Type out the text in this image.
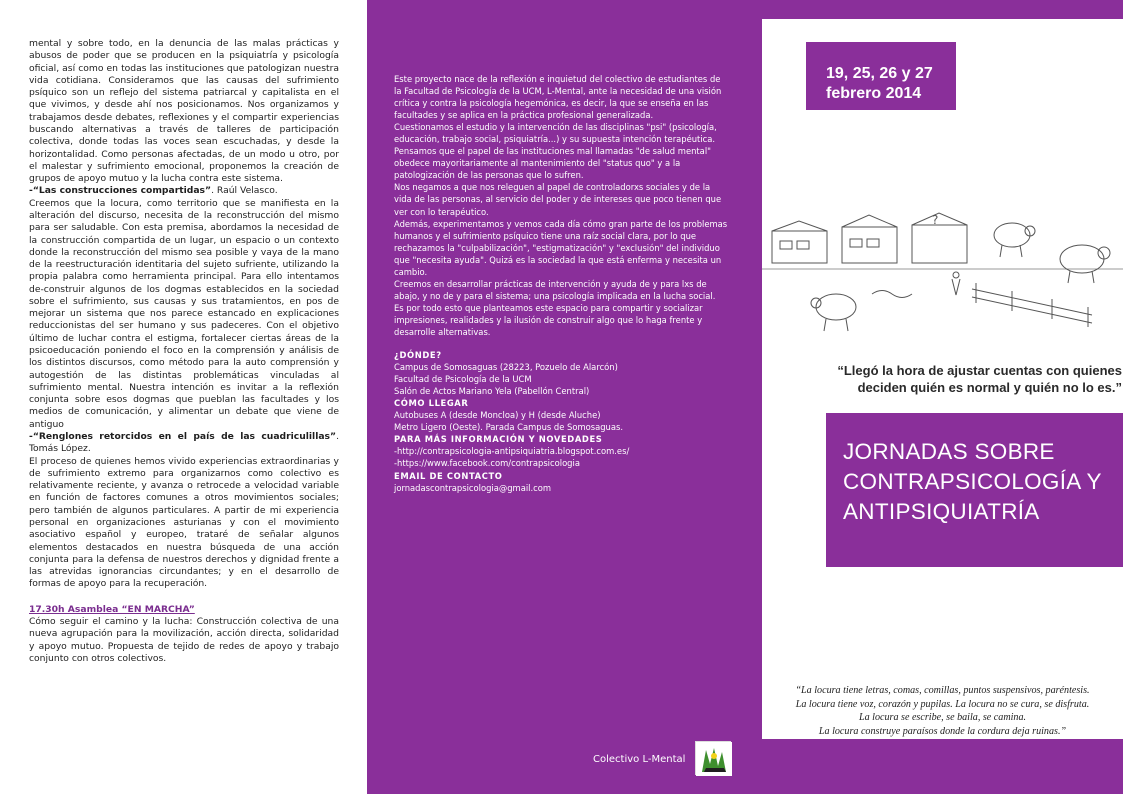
mental y sobre todo, en la denuncia de las malas prácticas y abusos de poder que se producen en la psiquiatría y psicología oficial, así como en todas las instituciones que patologizan nuestra vida cotidiana. Consideramos que las causas del sufrimiento psíquico son un reflejo del sistema patriarcal y capitalista en el que vivimos, y desde ahí nos posicionamos. Nos organizamos y trabajamos desde debates, reflexiones y el compartir experiencias buscando alternativas a través de talleres de participación colectiva, donde todas las voces sean escuchadas, y desde la horizontalidad. Como personas afectadas, de un modo u otro, por el malestar y sufrimiento emocional, proponemos la creación de grupos de apoyo mutuo y la lucha contra este sistema.

-“Las construcciones compartidas”. Raúl Velasco.

Creemos que la locura, como territorio que se manifiesta en la alteración del discurso, necesita de la reconstrucción del mismo para ser saludable. Con esta premisa, abordamos la necesidad de la construcción compartida de un lugar, un espacio o un contexto donde la reconstrucción del mismo sea posible y vaya de la mano de la reestructuración identitaria del sujeto sufriente, utilizando la propia palabra como herramienta principal. Para ello intentamos de-construir algunos de los dogmas establecidos en la sociedad sobre el sufrimiento, sus causas y sus tratamientos, en pos de mejorar un sistema que nos parece estancado en explicaciones reduccionistas del ser humano y sus padeceres. Con el objetivo último de luchar contra el estigma, fortalecer ciertas áreas de la psicoeducación poniendo el foco en la comprensión y análisis de los distintos discursos, como método para la auto comprensión y autogestión de las distintas problemáticas vinculadas al sufrimiento mental. Nuestra intención es invitar a la reflexión conjunta sobre esos dogmas que pueblan las facultades y los medios de comunicación, y alimentar un debate que viene de antiguo

-“Renglones retorcidos en el país de las cuadriculillas”. Tomás López.

El proceso de quienes hemos vivido experiencias extraordinarias y de sufrimiento extremo para organizarnos como colectivo es relativamente reciente, y avanza o retrocede a velocidad variable en función de factores comunes a otros movimientos sociales; pero también de algunos particulares. A partir de mi experiencia personal en organizaciones asturianas y con el movimiento asociativo español y europeo, trataré de señalar algunos elementos destacados en nuestra búsqueda de una acción conjunta para la defensa de nuestros derechos y dignidad frente a las atrevidas ignorancias circundantes; y en el desarrollo de formas de apoyo para la recuperación.

17.30h Asamblea “EN MARCHA”

Cómo seguir el camino y la lucha: Construcción colectiva de una nueva agrupación para la movilización, acción directa, solidaridad y apoyo mutuo. Propuesta de tejido de redes de apoyo y trabajo conjunto con otros colectivos.

Este proyecto nace de la reflexión e inquietud del colectivo de estudiantes de la Facultad de Psicología de la UCM, L-Mental, ante la necesidad de una visión crítica y contra la psicología hegemónica, es decir, la que se enseña en las facultades y se aplica en la práctica profesional generalizada.

Cuestionamos el estudio y la intervención de las disciplinas "psi" (psicología, educación, trabajo social, psiquiatría...) y su supuesta intención terapéutica.

Pensamos que el papel de las instituciones mal llamadas "de salud mental" obedece mayoritariamente al mantenimiento del "status quo" y a la patologización de las personas que lo sufren.

Nos negamos a que nos releguen al papel de controladorxs sociales y de la vida de las personas, al servicio del poder y de intereses que poco tienen que ver con lo terapéutico.

Además, experimentamos y vemos cada día cómo gran parte de los problemas humanos y el sufrimiento psíquico tiene una raíz social clara, por lo que rechazamos la "culpabilización", "estigmatización" y "exclusión" del individuo que "necesita ayuda". Quizá es la sociedad la que está enferma y necesita un cambio.

Creemos en desarrollar prácticas de intervención y ayuda de y para lxs de abajo, y no de y para el sistema; una psicología implicada en la lucha social.

Es por todo esto que planteamos este espacio para compartir y socializar impresiones, realidades y la ilusión de construir algo que lo haga frente y desarrolle alternativas.

¿DÓNDE?

Campus de Somosaguas (28223, Pozuelo de Alarcón)

Facultad de Psicología de la UCM

Salón de Actos Mariano Yela (Pabellón Central)

CÓMO LLEGAR

Autobuses A (desde Moncloa) y H (desde Aluche)

Metro Ligero (Oeste). Parada Campus de Somosaguas.

PARA MÁS INFORMACIÓN Y NOVEDADES

-http://contrapsicologia-antipsiquiatria.blogspot.com.es/

-https://www.facebook.com/contrapsicologia

EMAIL DE CONTACTO

jornadascontrapsicologia@gmail.com

Colectivo L-Mental
19, 25, 26 y 27
febrero 2014
?
“Llegó la hora de ajustar cuentas con quienes
deciden quién es normal y quién no lo es.”
JORNADAS SOBRE
CONTRAPSICOLOGÍA Y
ANTIPSIQUIATRÍA
“La locura tiene letras, comas, comillas, puntos suspensivos, paréntesis.
La locura tiene voz, corazón y pupilas. La locura no se cura, se disfruta.
La locura se escribe, se baila, se camina.
La locura construye paraísos donde la cordura deja ruinas.”
